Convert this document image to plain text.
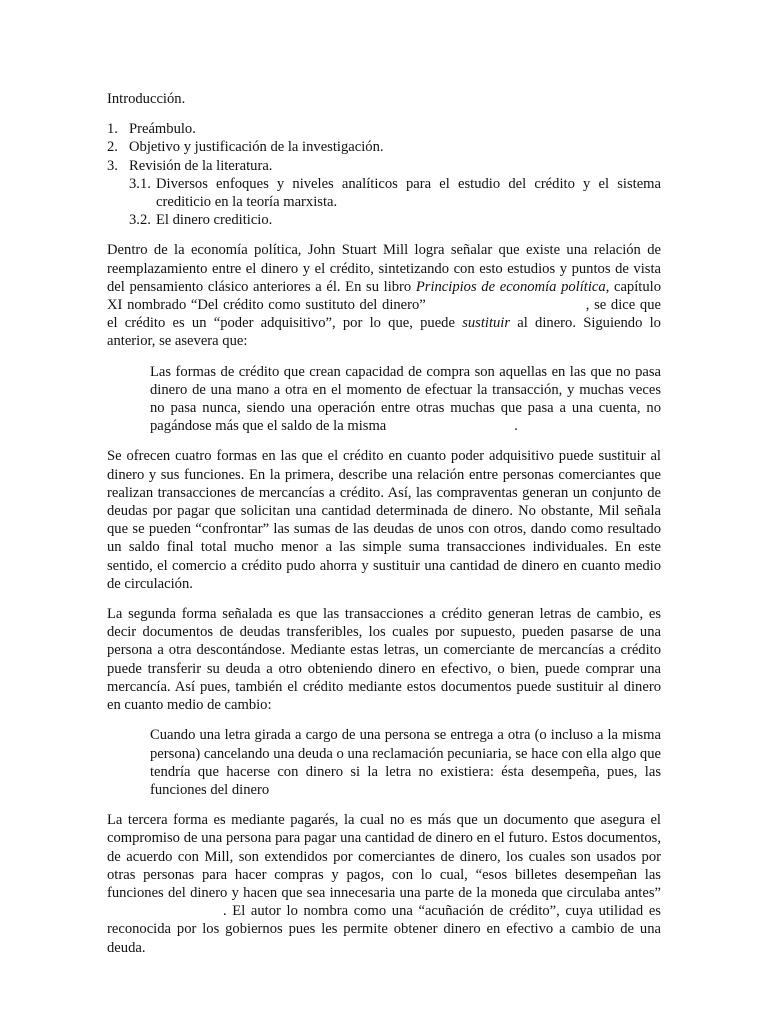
Introducción.

1. Preámbulo.
2. Objetivo y justificación de la investigación.
3. Revisión de la literatura.
3.1. Diversos enfoques y niveles analíticos para el estudio del crédito y el sistema crediticio en la teoría marxista.
3.2. El dinero crediticio.

Dentro de la economía política, John Stuart Mill logra señalar que existe una relación de reemplazamiento entre el dinero y el crédito, sintetizando con esto estudios y puntos de vista del pensamiento clásico anteriores a él. En su libro Principios de economía política, capítulo XI nombrado “Del crédito como sustituto del dinero”	, se dice que el crédito es un “poder adquisitivo”, por lo que, puede sustituir al dinero. Siguiendo lo anterior, se asevera que:

Las formas de crédito que crean capacidad de compra son aquellas en las que no pasa dinero de una mano a otra en el momento de efectuar la transacción, y muchas veces no pasa nunca, siendo una operación entre otras muchas que pasa a una cuenta, no pagándose más que el saldo de la misma	.

Se ofrecen cuatro formas en las que el crédito en cuanto poder adquisitivo puede sustituir al dinero y sus funciones. En la primera, describe una relación entre personas comerciantes que realizan transacciones de mercancías a crédito. Así, las compraventas generan un conjunto de deudas por pagar que solicitan una cantidad determinada de dinero. No obstante, Mil señala que se pueden “confrontar” las sumas de las deudas de unos con otros, dando como resultado un saldo final total mucho menor a las simple suma transacciones individuales. En este sentido, el comercio a crédito pudo ahorra y sustituir una cantidad de dinero en cuanto medio de circulación.

La segunda forma señalada es que las transacciones a crédito generan letras de cambio, es decir documentos de deudas transferibles, los cuales por supuesto, pueden pasarse de una persona a otra descontándose. Mediante estas letras, un comerciante de mercancías a crédito puede transferir su deuda a otro obteniendo dinero en efectivo, o bien, puede comprar una mercancía. Así pues, también el crédito mediante estos documentos puede sustituir al dinero en cuanto medio de cambio:

Cuando una letra girada a cargo de una persona se entrega a otra (o incluso a la misma persona) cancelando una deuda o una reclamación pecuniaria, se hace con ella algo que tendría que hacerse con dinero si la letra no existiera: ésta desempeña, pues, las funciones del dinero

La tercera forma es mediante pagarés, la cual no es más que un documento que asegura el compromiso de una persona para pagar una cantidad de dinero en el futuro. Estos documentos, de acuerdo con Mill, son extendidos por comerciantes de dinero, los cuales son usados por otras personas para hacer compras y pagos, con lo cual, “esos billetes desempeñan las funciones del dinero y hacen que sea innecesaria una parte de la moneda que circulaba antes”. El autor lo nombra como una “acuñación de crédito”, cuya utilidad es reconocida por los gobiernos pues les permite obtener dinero en efectivo a cambio de una deuda.
